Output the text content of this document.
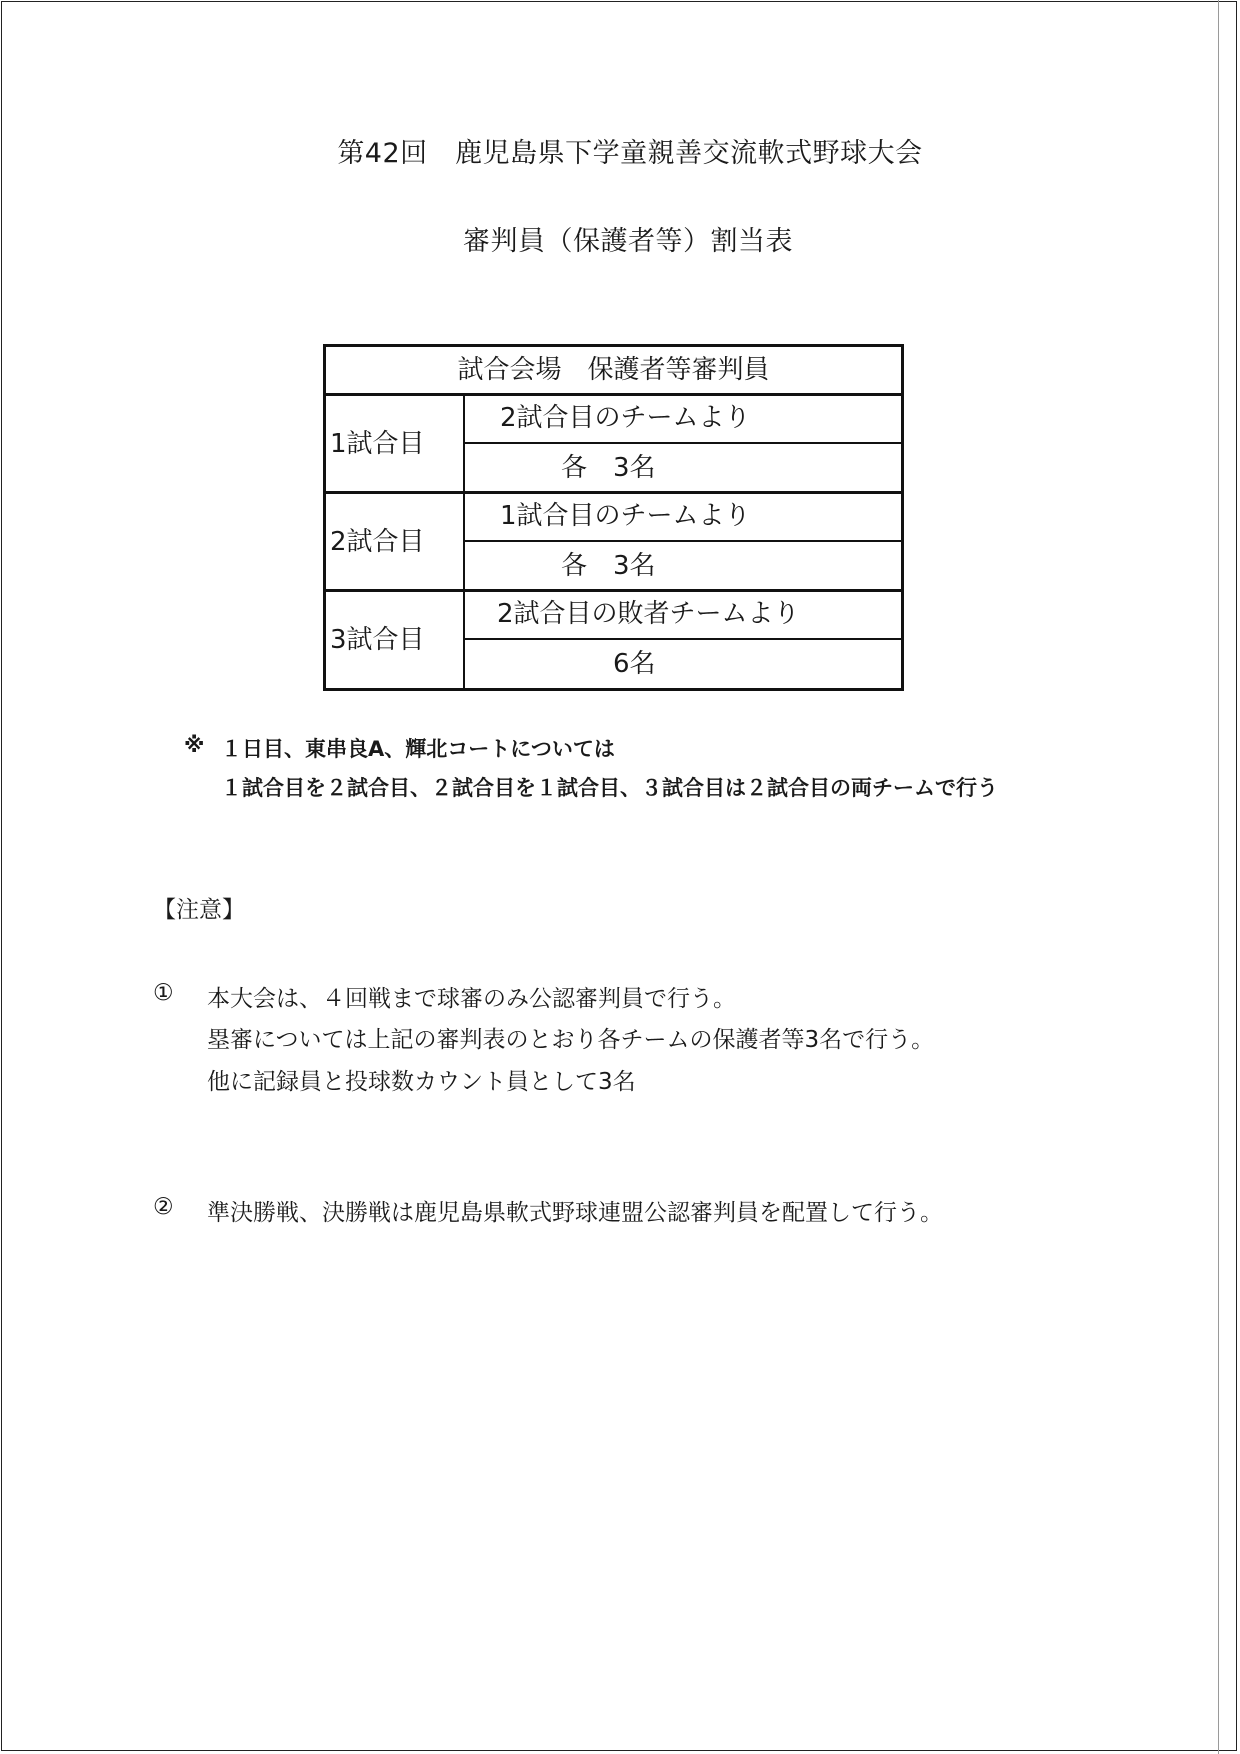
第42回　鹿児島県下学童親善交流軟式野球大会
審判員（保護者等）割当表
試合会場　保護者等審判員
1試合目
2試合目のチームより
各　3名
2試合目
1試合目のチームより
各　3名
3試合目
2試合目の敗者チームより
6名
※ １日目、東串良A、輝北コートについては
１試合目を２試合目、２試合目を１試合目、３試合目は２試合目の両チームで行う
【注意】
① 本大会は、４回戦まで球審のみ公認審判員で行う。
塁審については上記の審判表のとおり各チームの保護者等3名で行う。
他に記録員と投球数カウント員として3名
② 準決勝戦、決勝戦は鹿児島県軟式野球連盟公認審判員を配置して行う。
